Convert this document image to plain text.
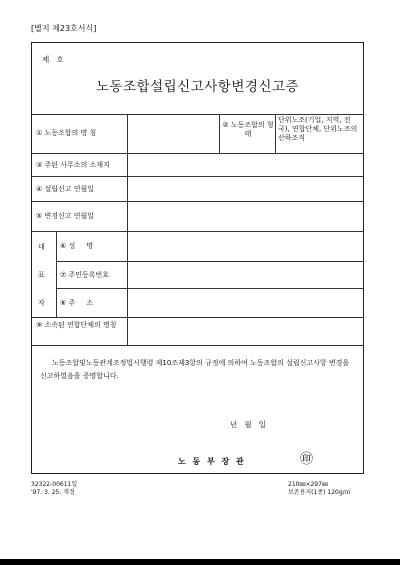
[별지 제23호서식]
제   호
노동조합설립신고사항변경신고증
① 노동조합의 명 칭
② 노동조합의 형태
단위노조(기업, 지역, 전국), 연합단체, 단위노조의 산하조직
③ 주된 사무소의 소재지
④ 설립신고 연월일
⑤ 변경신고 연월일
대
표
자
⑥ 성     명
⑦ 주민등록번호
⑧ 주     소
⑨ 소속된 연합단체의 명칭
노동조합및노동관계조정법시행령 제10조제3항의 규정에 의하여 노동조합의 설립신고사항 변경을 신고하였음을 증명합니다.
년   월   일
노 동 부 장 관	㊞
32322-00611일
'97. 3. 25. 개정
210㎜×297㎜
보존용지(1종) 120g/㎡
